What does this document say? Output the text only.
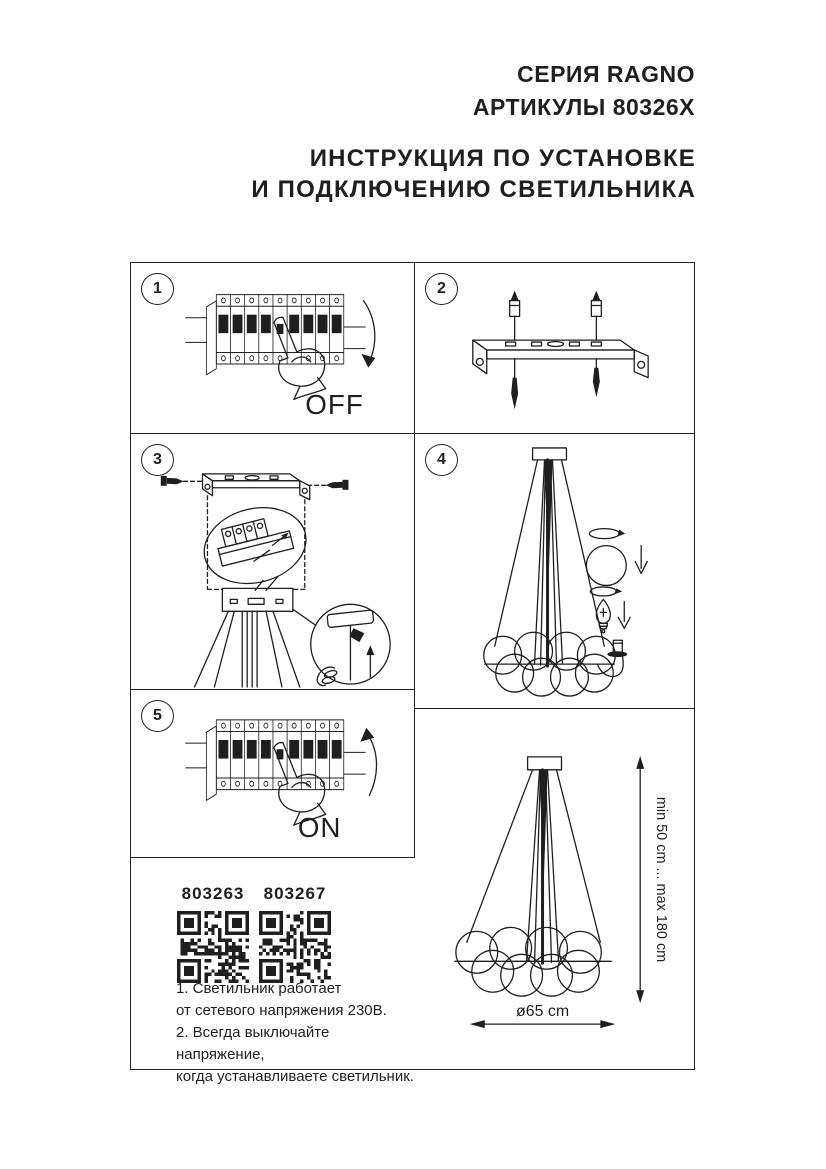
СЕРИЯ RAGNO
АРТИКУЛЫ 80326X
ИНСТРУКЦИЯ ПО УСТАНОВКЕ
И ПОДКЛЮЧЕНИЮ СВЕТИЛЬНИКА
1
OFF
2
3	4
5
ON
803263 803267
1. Светильник работает
от сетевого напряжения 230В.
2. Всегда выключайте напряжение,
когда устанавливаете светильник.
min 50 cm ... max 180 cm
ø65 cm
